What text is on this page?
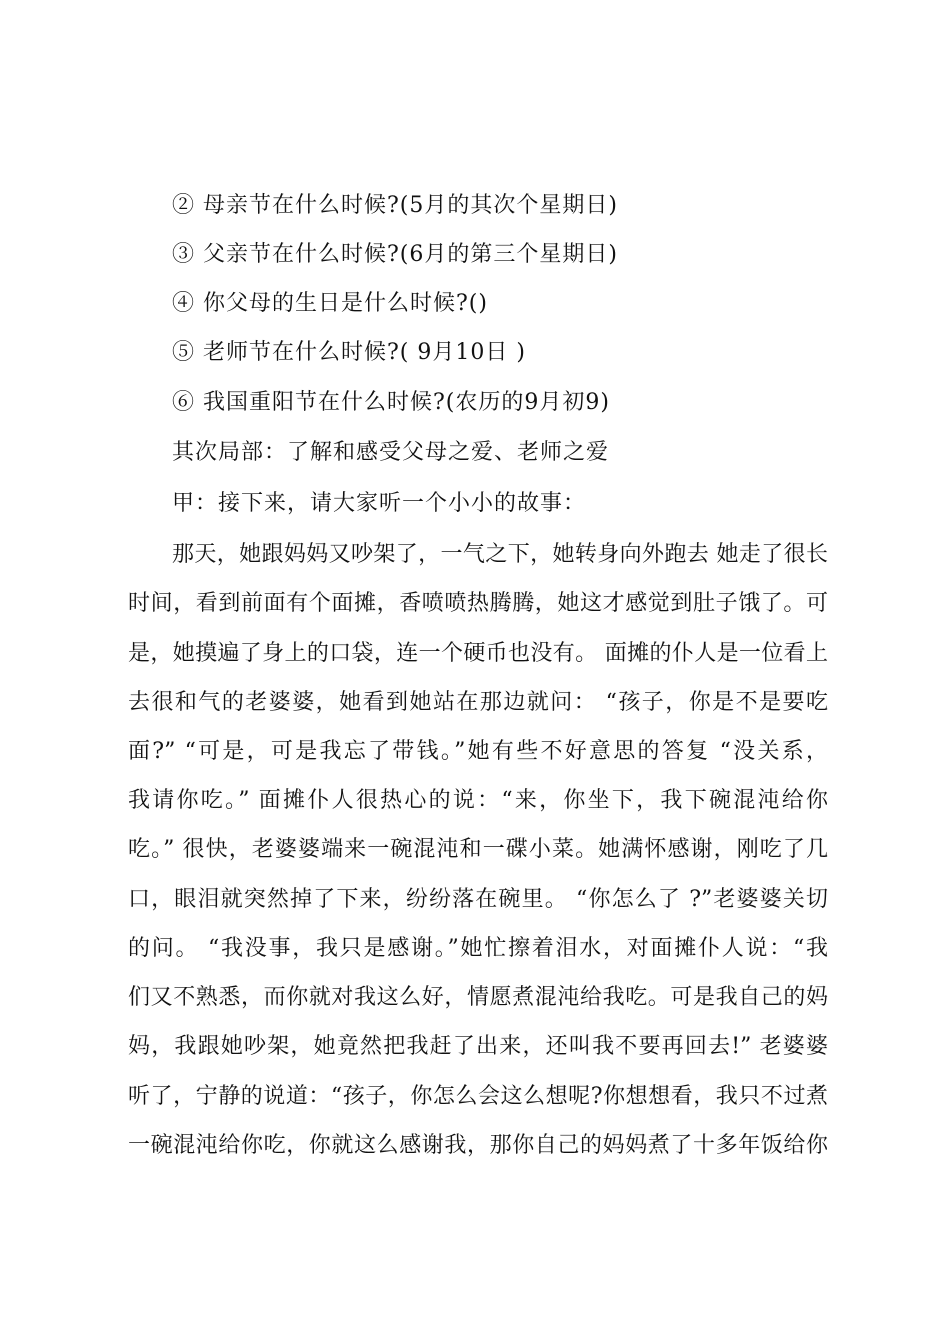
② 母亲节在什么时候?(5月的其次个星期日)
③ 父亲节在什么时候?(6月的第三个星期日)
④ 你父母的生日是什么时候?()
⑤ 老师节在什么时候?( 9月10日 )
⑥ 我国重阳节在什么时候?(农历的9月初9)
其次局部：了解和感受父母之爱、老师之爱
甲：接下来，请大家听一个小小的故事：
那天，她跟妈妈又吵架了，一气之下，她转身向外跑去 她走了很长
时间，看到前面有个面摊，香喷喷热腾腾，她这才感觉到肚子饿了。可
是，她摸遍了身上的口袋，连一个硬币也没有。 面摊的仆人是一位看上
去很和气的老婆婆，她看到她站在那边就问： “孩子，你是不是要吃
面?” “可是，可是我忘了带钱。”她有些不好意思的答复 “没关系，
我请你吃。” 面摊仆人很热心的说：“来，你坐下，我下碗混沌给你
吃。” 很快，老婆婆端来一碗混沌和一碟小菜。她满怀感谢，刚吃了几
口，眼泪就突然掉了下来，纷纷落在碗里。 “你怎么了 ?”老婆婆关切
的问。 “我没事，我只是感谢。”她忙擦着泪水，对面摊仆人说：“我
们又不熟悉，而你就对我这么好，情愿煮混沌给我吃。可是我自己的妈
妈，我跟她吵架，她竟然把我赶了出来，还叫我不要再回去!” 老婆婆
听了，宁静的说道：“孩子，你怎么会这么想呢?你想想看，我只不过煮
一碗混沌给你吃，你就这么感谢我，那你自己的妈妈煮了十多年饭给你
